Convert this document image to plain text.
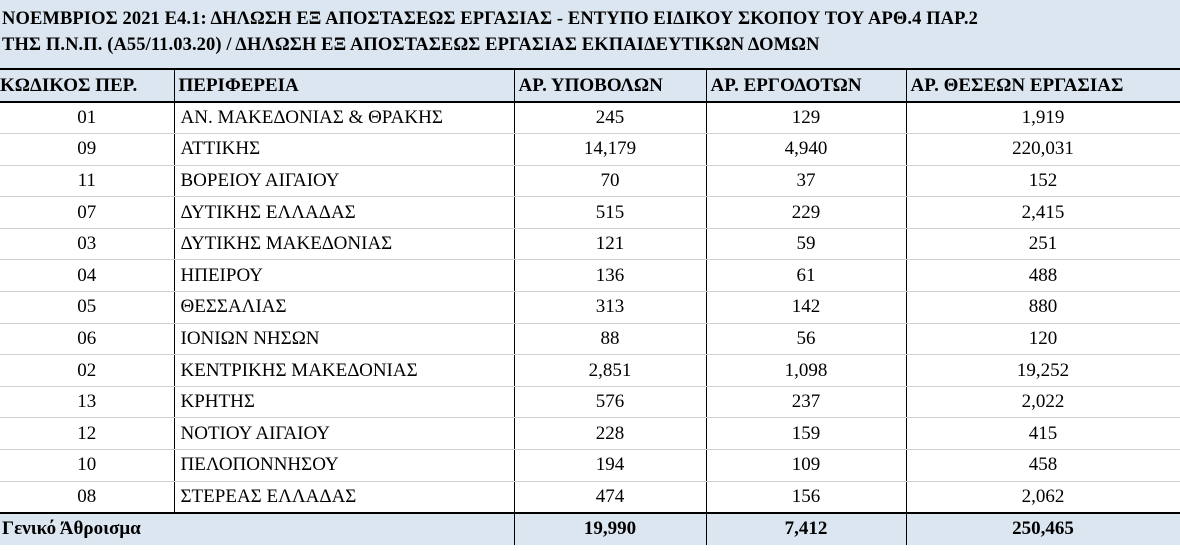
ΝΟΕΜΒΡΙΟΣ 2021 Ε4.1: ΔΗΛΩΣΗ ΕΞ ΑΠΟΣΤΑΣΕΩΣ ΕΡΓΑΣΙΑΣ - ΕΝΤΥΠΟ ΕΙΔΙΚΟΥ ΣΚΟΠΟΥ ΤΟΥ ΑΡΘ.4 ΠΑΡ.2
ΤΗΣ Π.Ν.Π. (Α55/11.03.20) / ΔΗΛΩΣΗ ΕΞ ΑΠΟΣΤΑΣΕΩΣ ΕΡΓΑΣΙΑΣ ΕΚΠΑΙΔΕΥΤΙΚΩΝ ΔΟΜΩΝ
ΚΩΔΙΚΟΣ ΠΕΡ.	ΠΕΡΙΦΕΡΕΙΑ	ΑΡ. ΥΠΟΒΟΛΩΝ	ΑΡ. ΕΡΓΟΔΟΤΩΝ	ΑΡ. ΘΕΣΕΩΝ ΕΡΓΑΣΙΑΣ
01	ΑΝ. ΜΑΚΕΔΟΝΙΑΣ & ΘΡΑΚΗΣ	245	129	1,919
09	ΑΤΤΙΚΗΣ	14,179	4,940	220,031
11	ΒΟΡΕΙΟΥ ΑΙΓΑΙΟΥ	70	37	152
07	ΔΥΤΙΚΗΣ ΕΛΛΑΔΑΣ	515	229	2,415
03	ΔΥΤΙΚΗΣ ΜΑΚΕΔΟΝΙΑΣ	121	59	251
04	ΗΠΕΙΡΟΥ	136	61	488
05	ΘΕΣΣΑΛΙΑΣ	313	142	880
06	ΙΟΝΙΩΝ ΝΗΣΩΝ	88	56	120
02	ΚΕΝΤΡΙΚΗΣ ΜΑΚΕΔΟΝΙΑΣ	2,851	1,098	19,252
13	ΚΡΗΤΗΣ	576	237	2,022
12	ΝΟΤΙΟΥ ΑΙΓΑΙΟΥ	228	159	415
10	ΠΕΛΟΠΟΝΝΗΣΟΥ	194	109	458
08	ΣΤΕΡΕΑΣ ΕΛΛΑΔΑΣ	474	156	2,062
Γενικό Άθροισμα		19,990	7,412	250,465
